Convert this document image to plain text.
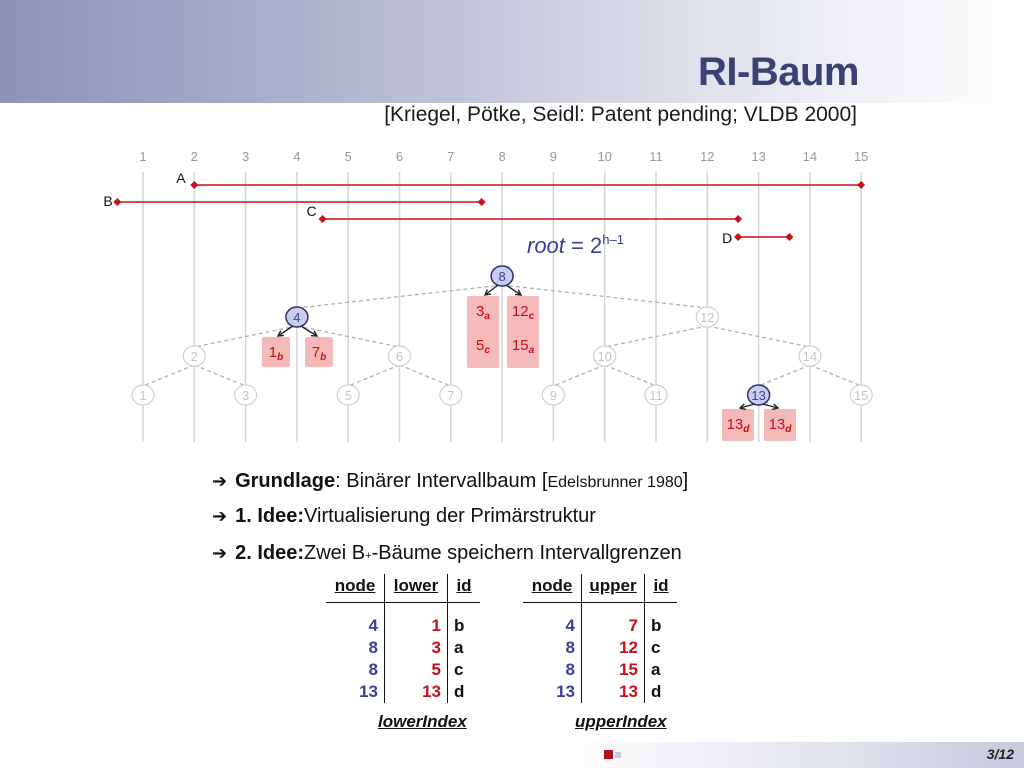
RI-Baum
[Kriegel, Pötke, Seidl: Patent pending; VLDB 2000]
1	2	3	4	5	6	7	8	9	10	11	12	13	14	15
A
B
C
D
root = $2^{h-1}$
$1_b$ $7_b$
$3_a$
$5_c$
$12_c$
$15_a$
$13_d$ $13_d$
8
4	12
2	6	10	14
1	3	5	7	9	11	13	15
➔ Grundlage : Binärer Intervallbaum [ Edelsbrunner 1980 ]
➔ 1. Idee: Virtualisierung der Primärstruktur
➔ 2. Idee: Zwei B + -Bäume speichern Intervallgrenzen
node	lower	id
4	1	b
8	3	a
8	5	c
13	13	d
lowerIndex
node	upper	id
4	7	b
8	12	c
8	15	a
13	13	d
upperIndex
3/12
